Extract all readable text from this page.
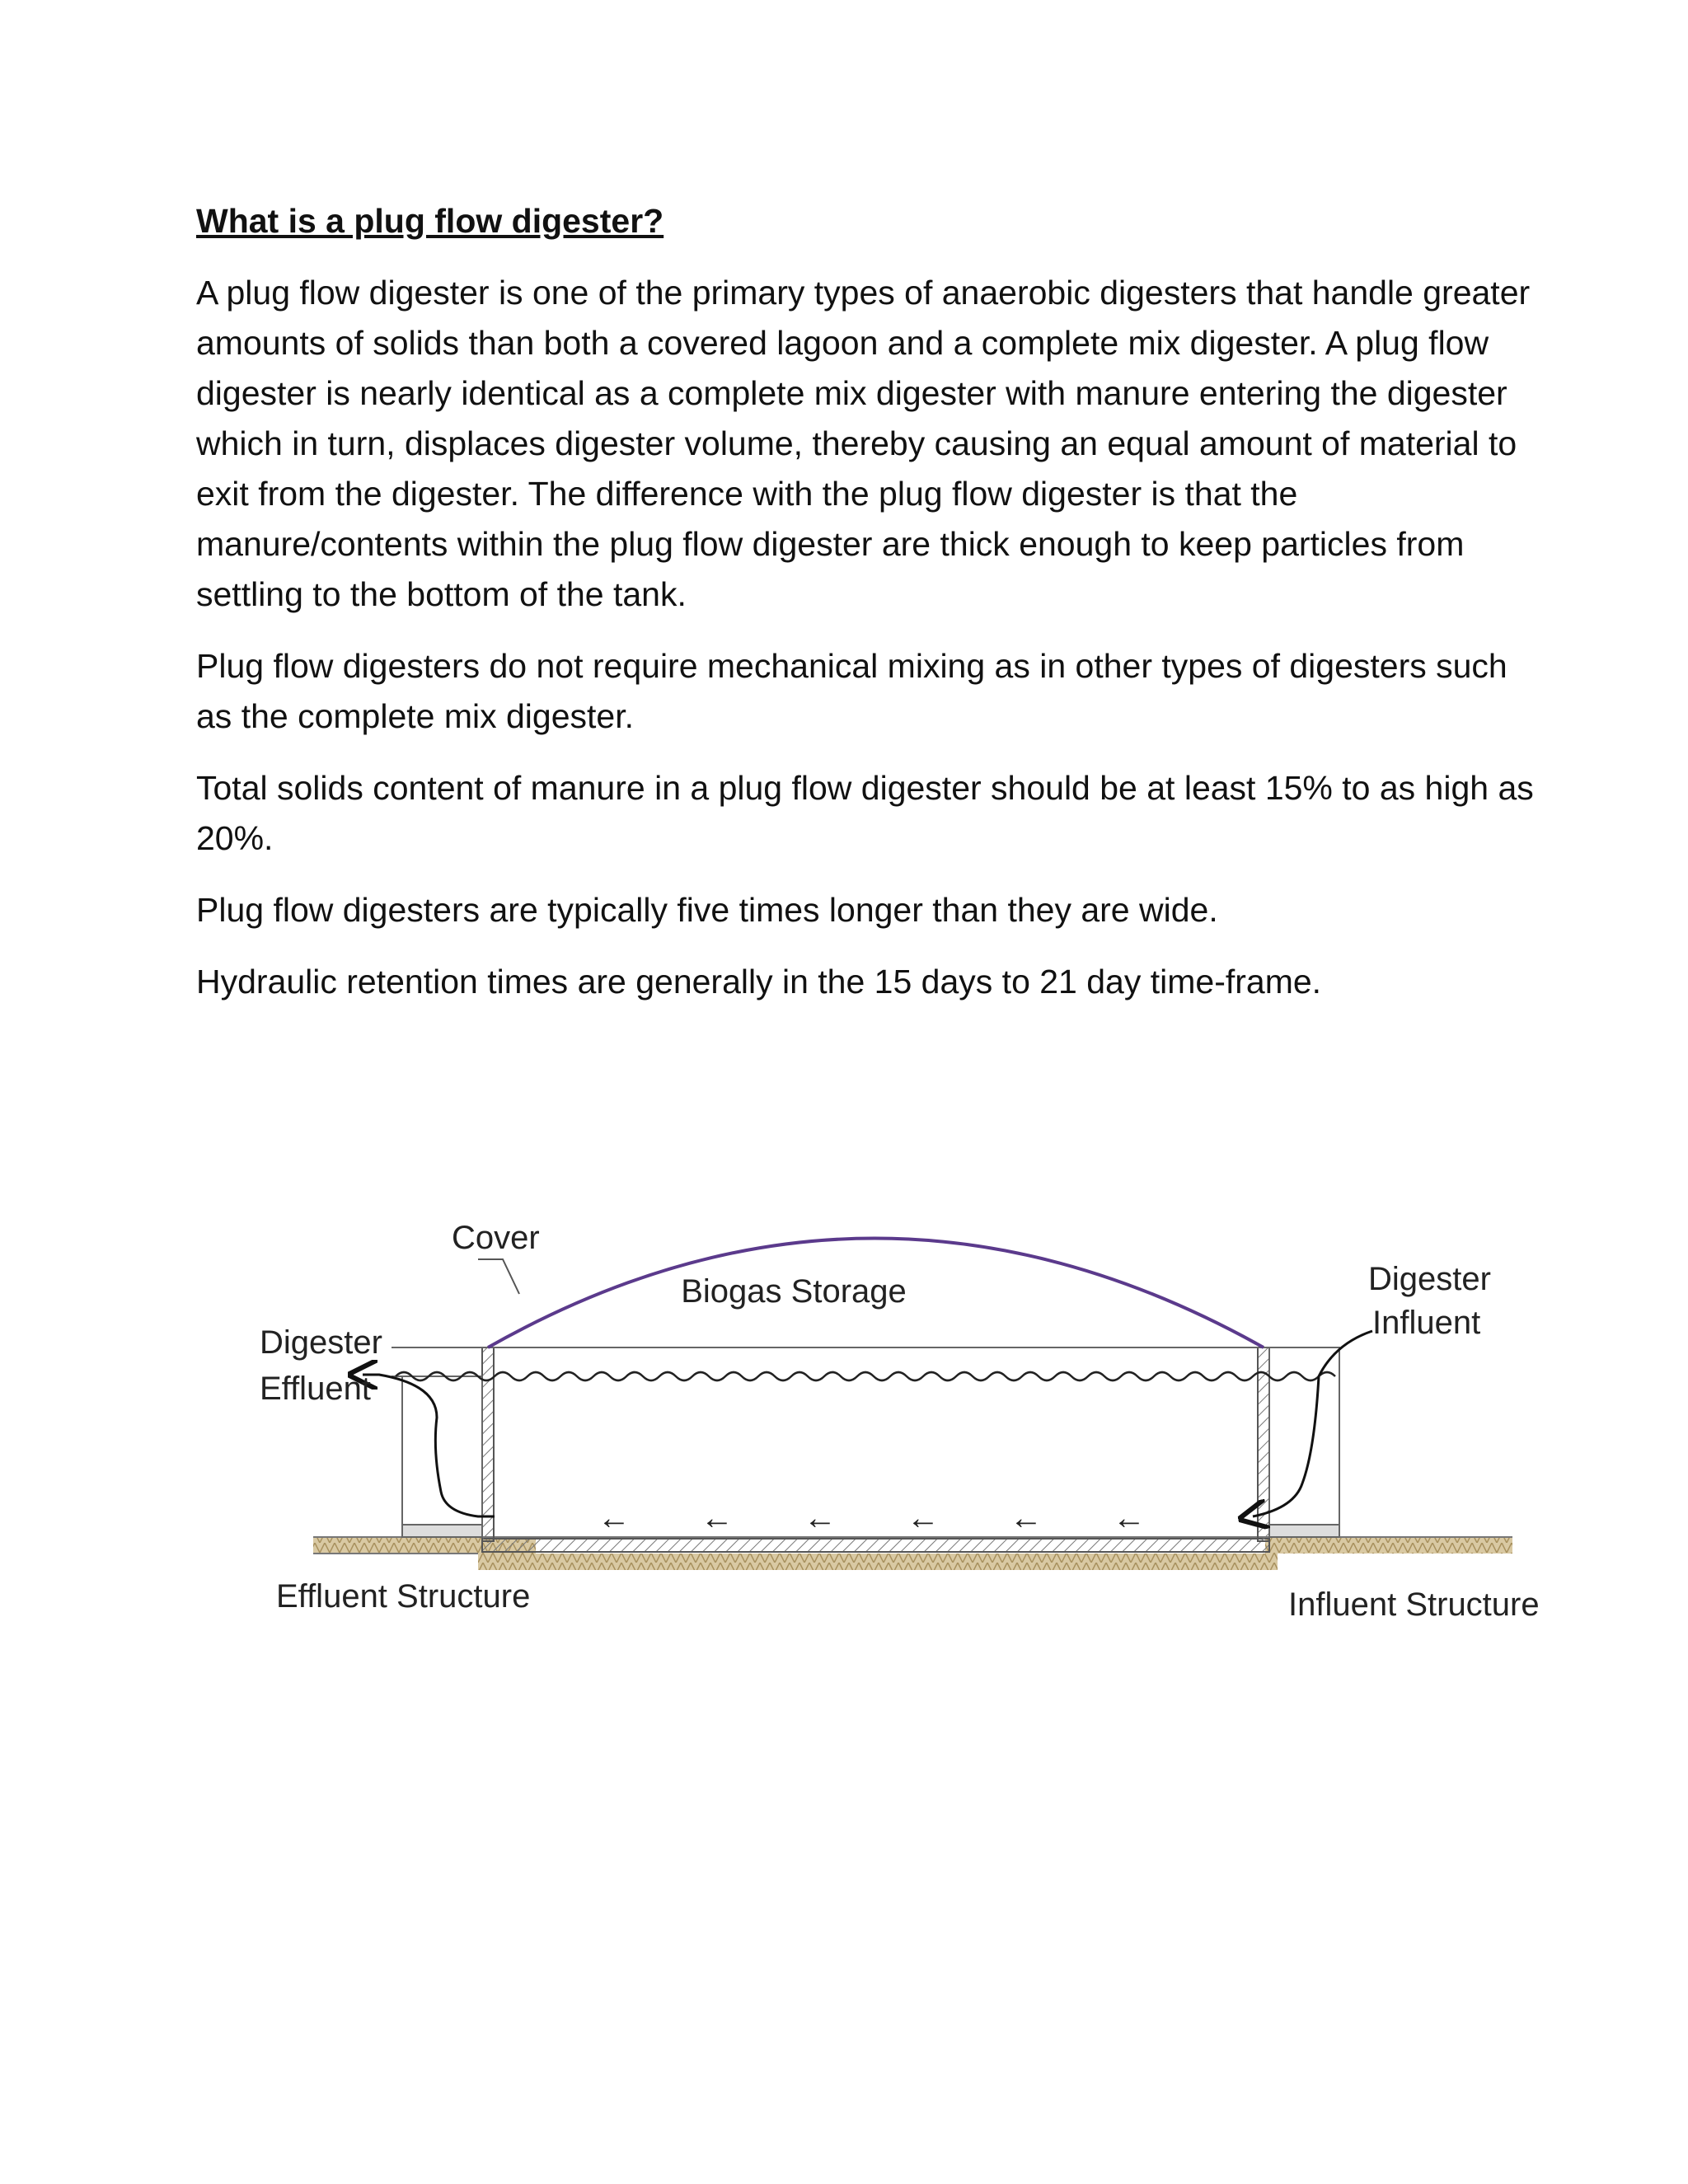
What is a plug flow digester?

A plug flow digester is one of the primary types of anaerobic digesters that handle greater amounts of solids than both a covered lagoon and a complete mix digester. A plug flow digester is nearly identical as a complete mix digester with manure entering the digester which in turn, displaces digester volume, thereby causing an equal amount of material to exit from the digester. The difference with the plug flow digester is that the manure/contents within the plug flow digester are thick enough to keep particles from settling to the bottom of the tank.

Plug flow digesters do not require mechanical mixing as in other types of digesters such as the complete mix digester.

Total solids content of manure in a plug flow digester should be at least 15% to as high as 20%.

Plug flow digesters are typically five times longer than they are wide.

Hydraulic retention times are generally in the 15 days to 21 day time-frame.

← ← ← ← ← ←
Cover
Biogas Storage
Digester
Effluent
Digester
Influent
Effluent Structure	Influent Structure
